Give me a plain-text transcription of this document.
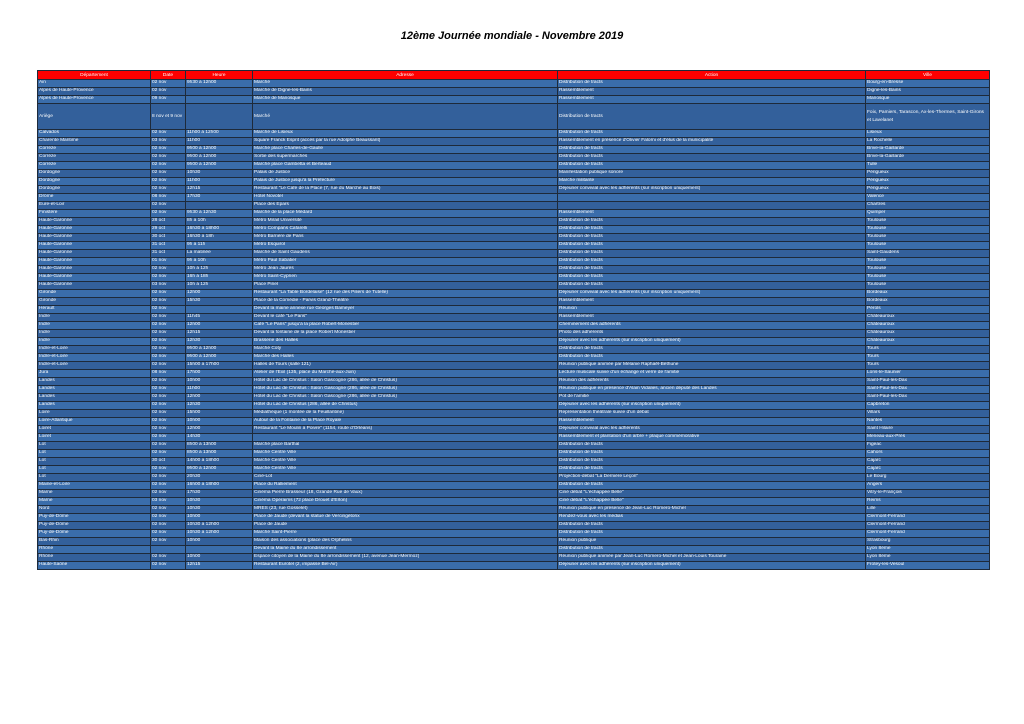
12ème Journée mondiale - Novembre 2019
Département	Date	Heure	Adresse	Action	Ville
Ain	02 nov	9h30 à 12h00	Marché	Distribution de tracts	Bourg-en-Bresse
Alpes de Haute-Provence	02 nov		Marché de Digne-les-Bains	Rassemblement	Digne-les-Bains
Alpes de Haute-Provence	09 nov		Marché de Manosque	Rassemblement	Manosque
Ariège	8 nov et 9 nov		Marché	Distribution de tracts	Foix, Pamiers, Tarascon, Ax-les-Thermes, Saint-Girons et Lavelanet
Calvados	02 nov	11h00 à 12h00	Marché de Lisieux	Distribution de tracts	Lisieux
Charente Maritime	03 nov	11h00	Square Franck Esprit (accès par la rue Adolphe Beaussant)	Rassemblement en présence d'Olivier Falorni et d'élus de la municipalité	La Rochelle
Corrèze	02 nov	9h00 à 12h00	Marché place Charles-de-Gaulle	Distribution de tracts	Brive-la-Gaillarde
Corrèze	02 nov	9h00 à 12h00	Sortie des supermarchés	Distribution de tracts	Brive-la-Gaillarde
Corrèze	02 nov	9h00 à 12h00	Marché place Gambetta et Berteaud	Distribution de tracts	Tulle
Dordogne	02 nov	10h30	Palais de Justice	Manifestation publique sonore	Périgueux
Dordogne	02 nov	11h00	Palais de Justice jusqu'à la Préfecture	Marche militante	Périgueux
Dordogne	02 nov	12h15	Restaurant "Le Café de la Place (7, rue du Marché au Bois)	Déjeuner convivial avec les adhérents (sur inscription uniquement)	Périgueux
Drôme	08 nov	17h30	Hôtel Novotel		Valence
Eure-et-Loir	02 nov		Place des Epars		Chartres
Finistère	02 nov	9h30 à 12h30	Marché de la place Médard	Rassemblement	Quimper
Haute-Garonne	28 oct	8h à 10h	Métro Mirail Université	Distribution de tracts	Toulouse
Haute-Garonne	29 oct	16h30 à 18h00	Métro Compans Cafarelli	Distribution de tracts	Toulouse
Haute-Garonne	30 oct	16h30 à 18h	Métro Barrière de Paris	Distribution de tracts	Toulouse
Haute-Garonne	31 oct	9h à 11h	Métro Esquirol	Distribution de tracts	Toulouse
Haute-Garonne	31 oct	La matinée	Marché de Saint Gaudens	Distribution de tracts	Saint-Gaudens
Haute-Garonne	01 nov	9h à 10h	Métro Paul Sabatier	Distribution de tracts	Toulouse
Haute-Garonne	02 nov	10h à 12h	Métro Jean Jaurès	Distribution de tracts	Toulouse
Haute-Garonne	02 nov	16h à 18h	Métro Saint-Cyprien	Distribution de tracts	Toulouse
Haute-Garonne	03 nov	10h à 12h	Place Pinel	Distribution de tracts	Toulouse
Gironde	02 nov	12h00	Restaurant "La Table Bordelaise" (12 rue des Piliers de Tutelle)	Déjeuner convivial avec les adhérents (sur inscription uniquement)	Bordeaux
Gironde	02 nov	15h30	Place de la Comédie - Parvis Grand-Théâtre	Rassemblement	Bordeaux
Hérault	02 nov		Devant la mairie annexe rue Georges Bameyer	Réunion	Pérols
Indre	02 nov	11h45	Devant le café "Le Paris"	Rassemblement	Châteauroux
Indre	02 nov	12h00	Café "Le Paris" jusqu'à la place Robert-Monestier	Cheminement des adhérents	Châteauroux
Indre	02 nov	12h15	Devant la fontaine de la place Robert Monestier	Photo des adhérents	Châteauroux
Indre	02 nov	12h30	Brasserie des Halles	Déjeuner avec les adhérents (sur inscription uniquement)	Châteauroux
Indre-et-Loire	02 nov	9h00 à 12h00	Marché Coty	Distribution de tracts	Tours
Indre-et-Loire	02 nov	9h00 à 12h00	Marché des Halles	Distribution de tracts	Tours
Indre-et-Loire	02 nov	15h00 à 17h00	Halles de Tours (salle 121)	Réunion publique animée par Mélanie Raphaël-Béthune	Tours
Jura	08 nov	17h00	Atelier de l'Exil (135, place du Marché-aux-Juin)	Lecture musicale suivie d'un échange et verre de l'amitié	Lons-le-Saunier
Landes	02 nov	10h00	Hôtel du Lac de Christus : Salon Gascogne (286, allée de Christus)	Réunion des adhérents	Saint-Paul-les-Dax
Landes	02 nov	11h00	Hôtel du Lac de Christus : Salon Gascogne (286, allée de Christus)	Réunion publique en présence d'Alain Vidalies, ancien député des Landes	Saint-Paul-les-Dax
Landes	02 nov	12h00	Hôtel du Lac de Christus : Salon Gascogne (286, allée de Christus)	Pot de l'amitié	Saint-Paul-les-Dax
Landes	02 nov	12h30	Hôtel du Lac de Christus (286, allée de Christus)	Déjeuner avec les adhérents (sur inscription uniquement)	Capbreton
Loire	02 nov	15h00	Médiathèque (1 montée de la Feuillantine)	Représentation théâtrale suivie d'un débat	Villars
Loire-Atlantique	02 nov	10h00	Autour de la Fontaine de la Place Royale	Rassemblement	Nantes
Loiret	02 nov	12h00	Restaurant "Le Moulin à Poivre" (1154, route d'Orléans)	Déjeuner convivial avec les adhérents	Saint Hilaire
Loiret	02 nov	14h30		Rassemblement et plantation d'un arbre + plaque commémorative	Meneau-aux-Prés
Lot	02 nov	8h00 à 13h00	Marché place Barthal	Distribution de tracts	Figeac
Lot	02 nov	8h00 à 13h00	Marché Centre Ville	Distribution de tracts	Cahors
Lot	30 oct	14h00 à 18h00	Marché Centre Ville	Distribution de tracts	Cajarc
Lot	02 nov	9h00 à 12h00	Marché Centre Ville	Distribution de tracts	Cajarc
Lot	02 nov	20h30	Ciné-Lot	Projection-débat "La Dernière Leçon"	Le Bourg
Maine-et-Loire	02 nov	16h00 à 18h00	Place du Ralliement	Distribution de tracts	Angers
Marne	02 nov	17h30	Cinéma Pierre Brasseur (18, Grande Rue de Vaux)	Ciné débat "L'échappée Belle"	Vitry-le-François
Marne	03 nov	10h30	Cinéma Opéraims (72 place Drouet d'Erlon)	Ciné débat "L'échappée Belle"	Reims
Nord	02 nov	10h30	MRES (23, rue Gosselet)	Réunion publique en présence de Jean-Luc Romero-Michel	Lille
Puy-de-Dôme	02 nov	10h00	Place de Jaude (devant la statue de Vercingétorix	Rendez-vous avec les médias	Clermont-Ferrand
Puy-de-Dôme	02 nov	10h30 à 12h00	Place de Jaude	Distribution de tracts	Clermont-Ferrand
Puy-de-Dôme	02 nov	10h30 à 12h00	Marché Saint-Pierre	Distribution de tracts	Clermont-Ferrand
Bas-Rhin	02 nov	10h00	Maison des associations (place des Orphelins	Réunion publique	Strasbourg
Rhône			Devant la Mairie du 8e arrondissement	Distribution de tracts	Lyon 8ème
Rhône	02 nov	10h00	Espace citoyen de la Mairie du 8e arrondissement (12, avenue Jean-Mermoz)	Réunion publique animée par Jean-Luc Romero-Michel et Jean-Louis Touraine	Lyon 8ème
Haute-Saône	02 nov	12h15	Restaurant Eurotel (2, impasse Bel-Air)	Déjeuner avec les adhérents (sur inscription uniquement)	Frotey-les-Vesoul
